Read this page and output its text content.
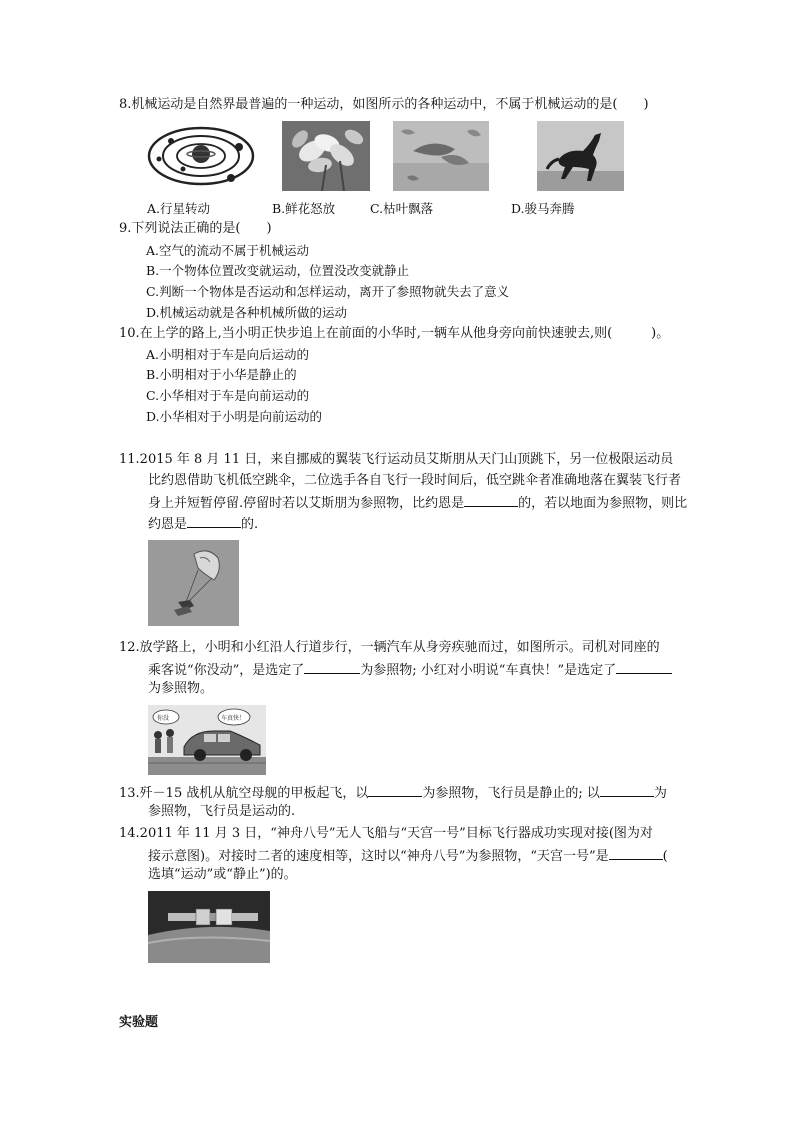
8.机械运动是自然界最普遍的一种运动，如图所示的各种运动中，不属于机械运动的是(　　)
A.行星转动	B.鲜花怒放	C.枯叶飘落	D.骏马奔腾
9.下列说法正确的是(　　)
A.空气的流动不属于机械运动
B.一个物体位置改变就运动，位置没改变就静止
C.判断一个物体是否运动和怎样运动，离开了参照物就失去了意义
D.机械运动就是各种机械所做的运动
10.在上学的路上,当小明正快步追上在前面的小华时,一辆车从他身旁向前快速驶去,则(　　　)。
A.小明相对于车是向后运动的
B.小明相对于小华是静止的
C.小华相对于车是向前运动的
D.小华相对于小明是向前运动的
11.2015 年 8 月 11 日，来自挪威的翼装飞行运动员艾斯朋从天门山顶跳下，另一位极限运动员
比约恩借助飞机低空跳伞，二位选手各自飞行一段时间后，低空跳伞者准确地落在翼装飞行者
身上并短暂停留.停留时若以艾斯朋为参照物，比约恩是	的，若以地面为参照物，则比
约恩是	的.
12.放学路上，小明和小红沿人行道步行，一辆汽车从身旁疾驰而过，如图所示。司机对同座的
乘客说“你没动”，是选定了	为参照物; 小红对小明说“车真快！”是选定了
为参照物。
你没	车真快！
13.歼－15 战机从航空母舰的甲板起飞，以	为参照物，飞行员是静止的; 以	为
参照物，飞行员是运动的.
14.2011 年 11 月 3 日，“神舟八号”无人飞船与“天宫一号”目标飞行器成功实现对接(图为对
接示意图)。对接时二者的速度相等，这时以“神舟八号”为参照物，“天宫一号”是	(
选填“运动”或“静止”)的。
实验题
